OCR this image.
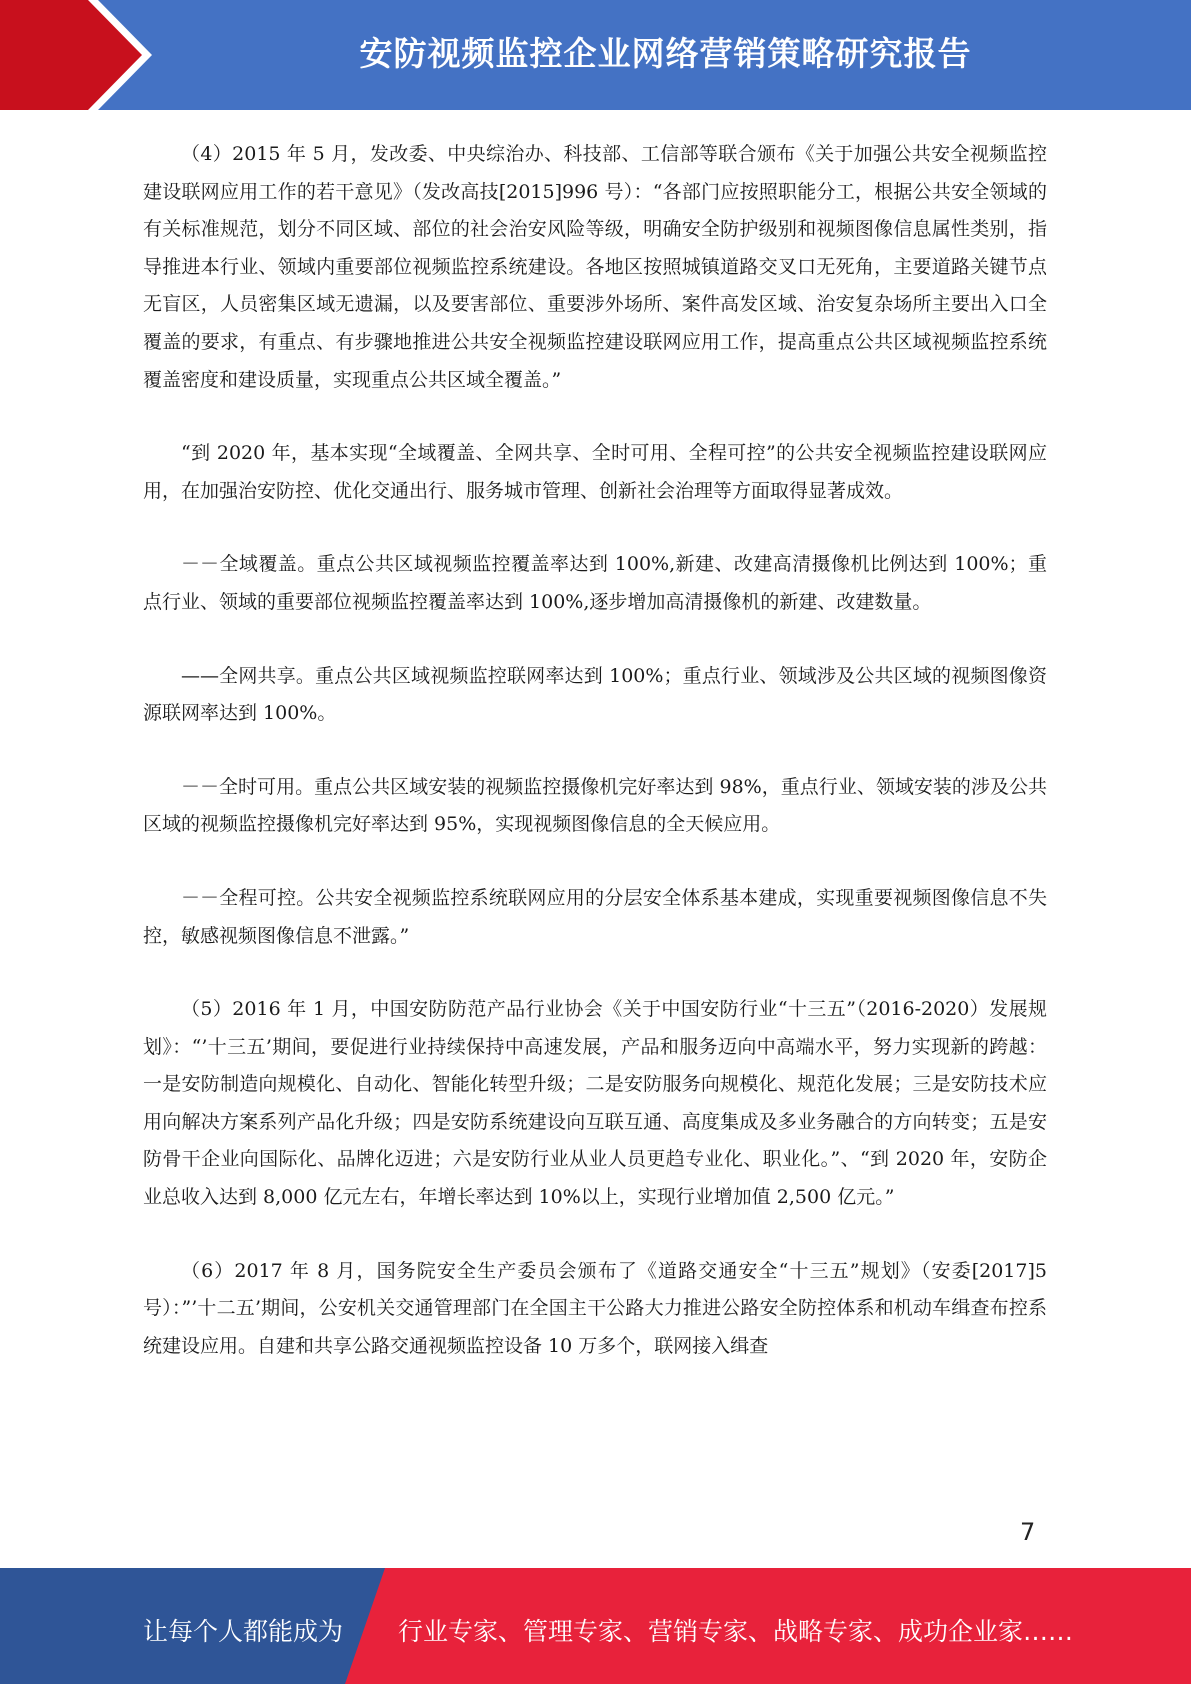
安防视频监控企业网络营销策略研究报告

（4）2015 年 5 月，发改委、中央综治办、科技部、工信部等联合颁布《关于加强公共安全视频监控建设联网应用工作的若干意见》（发改高技[2015]996 号）：“各部门应按照职能分工，根据公共安全领域的有关标准规范，划分不同区域、部位的社会治安风险等级，明确安全防护级别和视频图像信息属性类别，指导推进本行业、领域内重要部位视频监控系统建设。各地区按照城镇道路交叉口无死角，主要道路关键节点无盲区，人员密集区域无遗漏，以及要害部位、重要涉外场所、案件高发区域、治安复杂场所主要出入口全覆盖的要求，有重点、有步骤地推进公共安全视频监控建设联网应用工作，提高重点公共区域视频监控系统覆盖密度和建设质量，实现重点公共区域全覆盖。”

“到 2020 年，基本实现“全域覆盖、全网共享、全时可用、全程可控”的公共安全视频监控建设联网应用，在加强治安防控、优化交通出行、服务城市管理、创新社会治理等方面取得显著成效。

－－全域覆盖。重点公共区域视频监控覆盖率达到 100%,新建、改建高清摄像机比例达到 100%；重点行业、领域的重要部位视频监控覆盖率达到 100%,逐步增加高清摄像机的新建、改建数量。

——全网共享。重点公共区域视频监控联网率达到 100%；重点行业、领域涉及公共区域的视频图像资源联网率达到 100%。

－－全时可用。重点公共区域安装的视频监控摄像机完好率达到 98%，重点行业、领域安装的涉及公共区域的视频监控摄像机完好率达到 95%，实现视频图像信息的全天候应用。

－－全程可控。公共安全视频监控系统联网应用的分层安全体系基本建成，实现重要视频图像信息不失控，敏感视频图像信息不泄露。”

（5）2016 年 1 月，中国安防防范产品行业协会《关于中国安防行业“十三五”（2016-2020）发展规划》：“’十三五’期间，要促进行业持续保持中高速发展，产品和服务迈向中高端水平，努力实现新的跨越：一是安防制造向规模化、自动化、智能化转型升级；二是安防服务向规模化、规范化发展；三是安防技术应用向解决方案系列产品化升级；四是安防系统建设向互联互通、高度集成及多业务融合的方向转变；五是安防骨干企业向国际化、品牌化迈进；六是安防行业从业人员更趋专业化、职业化。”、“到 2020 年，安防企业总收入达到 8,000 亿元左右，年增长率达到 10%以上，实现行业增加值 2,500 亿元。”

（6）2017 年 8 月，国务院安全生产委员会颁布了《道路交通安全“十三五”规划》（安委[2017]5 号）：”’十二五’期间，公安机关交通管理部门在全国主干公路大力推进公路安全防控体系和机动车缉查布控系统建设应用。自建和共享公路交通视频监控设备 10 万多个，联网接入缉查

7
让每个人都能成为 行业专家、管理专家、营销专家、战略专家、成功企业家……
